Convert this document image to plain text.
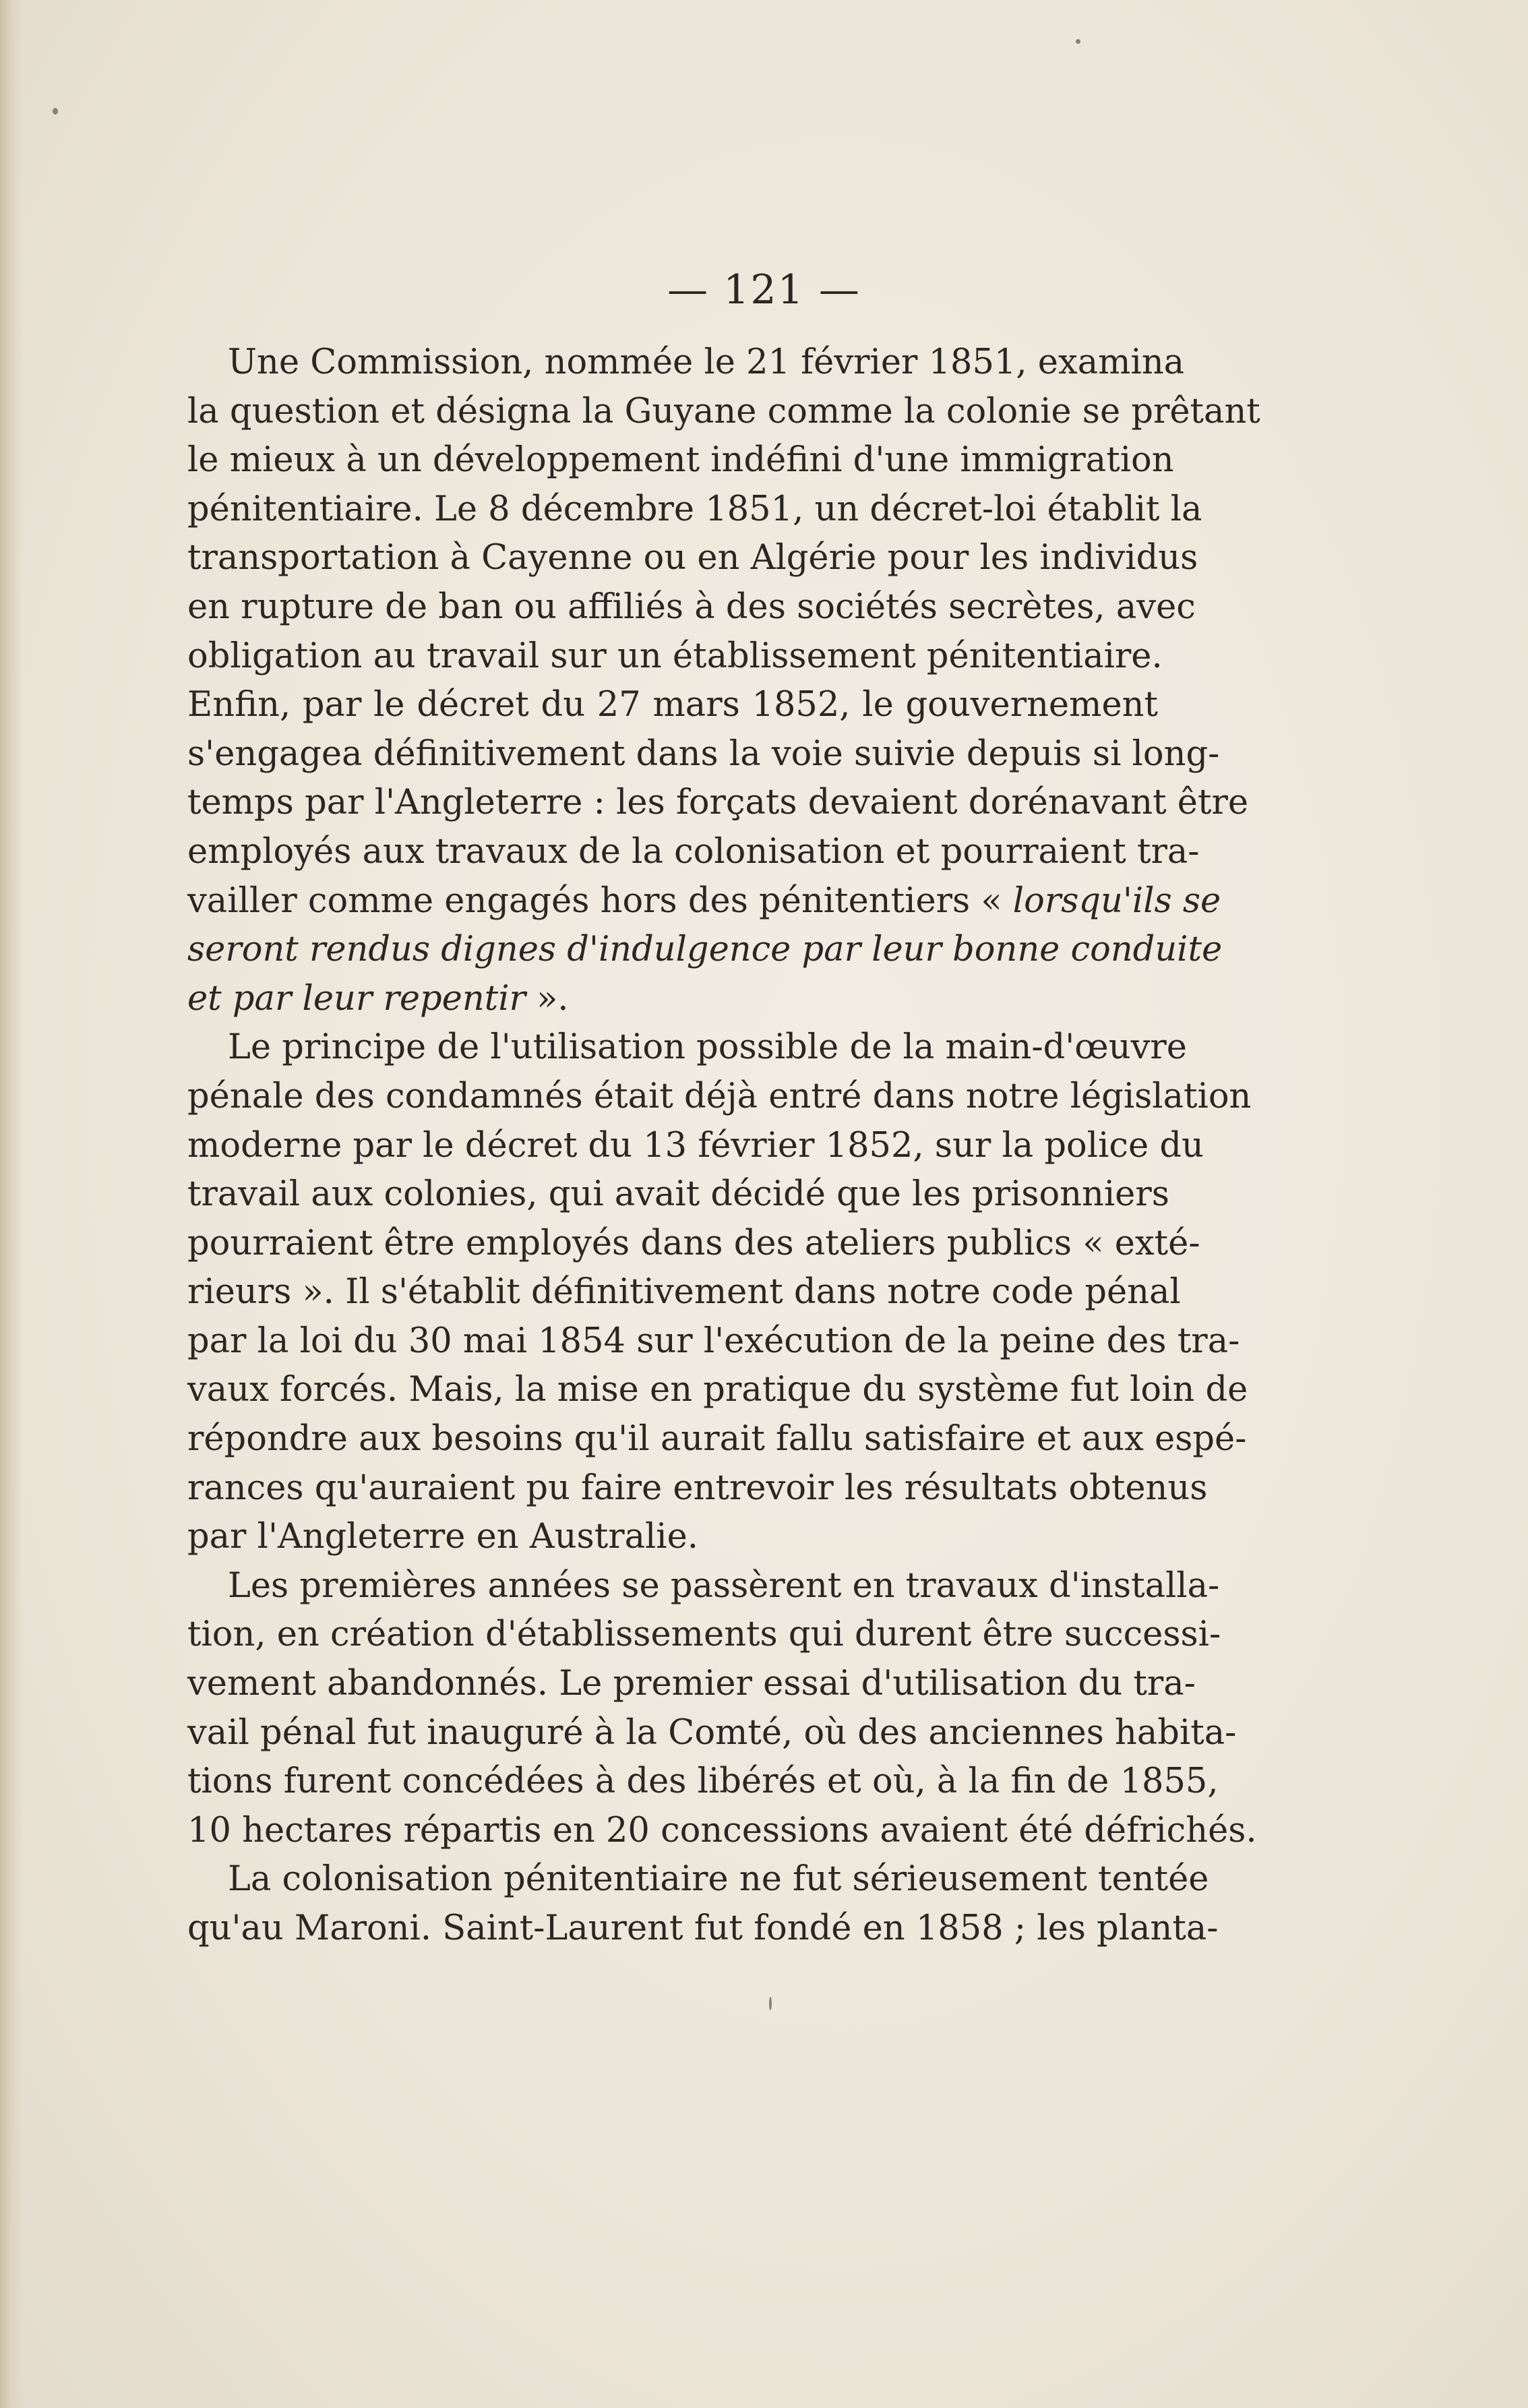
— 121 —
Une Commission, nommée le 21 février 1851, examina
la question et désigna la Guyane comme la colonie se prêtant
le mieux à un développement indéfini d'une immigration
pénitentiaire. Le 8 décembre 1851, un décret-loi établit la
transportation à Cayenne ou en Algérie pour les individus
en rupture de ban ou affiliés à des sociétés secrètes, avec
obligation au travail sur un établissement pénitentiaire.
Enfin, par le décret du 27 mars 1852, le gouvernement
s'engagea définitivement dans la voie suivie depuis si long-
temps par l'Angleterre : les forçats devaient dorénavant être
employés aux travaux de la colonisation et pourraient tra-
vailler comme engagés hors des pénitentiers « lorsqu'ils se
seront rendus dignes d'indulgence par leur bonne conduite
et par leur repentir ».
Le principe de l'utilisation possible de la main-d'œuvre
pénale des condamnés était déjà entré dans notre législation
moderne par le décret du 13 février 1852, sur la police du
travail aux colonies, qui avait décidé que les prisonniers
pourraient être employés dans des ateliers publics « exté-
rieurs ». Il s'établit définitivement dans notre code pénal
par la loi du 30 mai 1854 sur l'exécution de la peine des tra-
vaux forcés. Mais, la mise en pratique du système fut loin de
répondre aux besoins qu'il aurait fallu satisfaire et aux espé-
rances qu'auraient pu faire entrevoir les résultats obtenus
par l'Angleterre en Australie.
Les premières années se passèrent en travaux d'installa-
tion, en création d'établissements qui durent être successi-
vement abandonnés. Le premier essai d'utilisation du tra-
vail pénal fut inauguré à la Comté, où des anciennes habita-
tions furent concédées à des libérés et où, à la fin de 1855,
10 hectares répartis en 20 concessions avaient été défrichés.
La colonisation pénitentiaire ne fut sérieusement tentée
qu'au Maroni. Saint-Laurent fut fondé en 1858 ; les planta-
